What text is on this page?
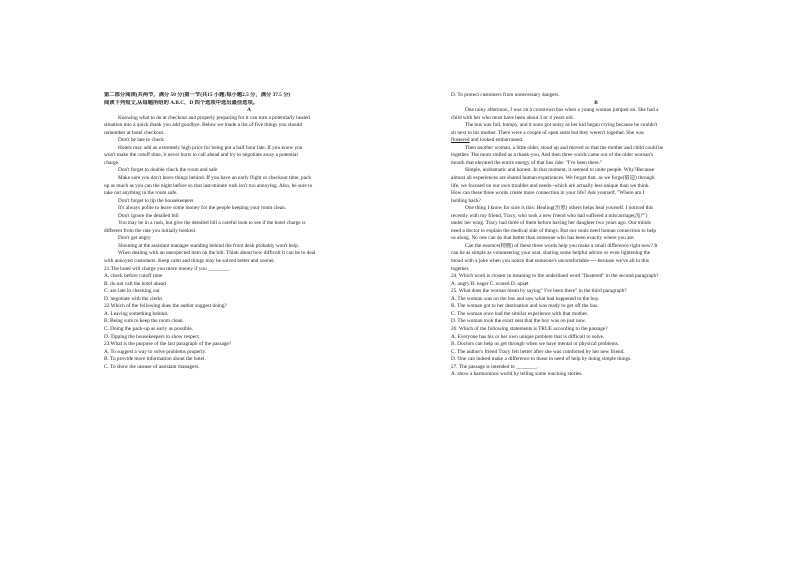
第二部分阅读(共两节，满分 50 分)第一节(共15 小题;每小题2.5 分，满分 37.5 分)
阅读下列短文,从每题所给的 A.B.C、D 四个选项中选出最佳选项。
A
Knowing what to do at checkout and properly preparing for it can turn a potentially heated
situation into a quick thank you add goodbye. Below we made a list of five things you should
remember at hotel checkout.
Don't be late to check
Hotels may add an extremely high price for being put a half hour late. If you know you
won't make the cutoff time, it never hurts to call ahead and try to negotiate away a potential
charge.
Don't forget to double check the room and safe
Make sure you don't leave things behind. If you have an early flight or checkout time, pack
up as much as you can the night before so that last-minute rush isn't too annoying. Also, be sure to
take out anything in the room safe.
Don't forget to tip the housekeepers
It's always polite to leave some money for the people keeping your room clean.
Don't ignore the detailed bill
You may be in a rush, but give the detailed bill a careful look to see if the hotel charge is
different from the rate you initially booked.
Don't get angry
Shouting at the assistant manager standing behind the front desk probably won't help.
When dealing with an unexpected item on the bill. Think about how difficult it can be to deal
with annoyed customers. Keep calm and things may be solved better and sooner.
21.The hotel will charge you more money if you ________.
A. check before cutoff time
B. do not call the hotel ahead
C. are late in checking out
D. negotiate with the clerks
22.Which of the following does the author suggest doing?
A. Leaving something behind.
B. Being sure to keep the room clean.
C. Doing the pack-up as early as possible.
D. Tipping the housekeepers to show respect.
23.What is the purpose of the last paragraph of the passage?
A. To suggest a way to solve problems properly.
B. To provide more information about the hotel.
C. To show the unease of assistant managers.
D. To protect customers from unnecessary dangers.
B
One rainy afternoon, I was on a crosstown bus when a young woman jumped on. She had a
child with her who must have been about 3 or 4 years old.
The bus was full, bumpy, and it soon got noisy as her kid began crying because he couldn't
sit next to his mother. There were a couple of open seats but they weren't together. She was
flustered and looked embarrassed.
Then another woman, a little older, stood up and moved so that the mother and child could be
together. The mom smiled as a thank-you, And then three words came out of the older woman's
mouth that elevated the entire energy of that bus ride: "I've been there."
Simple, undramatic and honest. In that moment, it seemed to unite people. Why?Because
almost all experiences are shared human experiences. We forget that, as we forge(锻造) through
life, we focused on our own troubles and needs--which are actually less unique than we think.
How can these three words create more connection in your life? Ask yourself, "Where am I
holding back?
One thing I know for sure is this: Healing(治愈) others helps heal yourself. I noticed this
recently with my friend, Tracy, who took a new friend who had suffered a miscarriage(流产)
under her wing. Tracy had three of them before having her daughter two years ago. Our minds
need a doctor to explain the medical side of things. But our souls need human connection to help
us along. No one can do that better than someone who has been exactly where you are.
Can the essence(精髓) of these three words help you make a small difference right now? It
can be as simple as volunteering your seat, sharing some helpful advice or even lightening the
mood with a joke when you notice that someone's uncomfortable-----because we've all in this
together.
24. Which word is closest in meaning to the underlined word "flustered" in the second paragraph?
A. angry B. eager C. scared D. upset
25. What does the woman mean by saying" I've been there" in the third paragraph?
A. The woman was on the bus and saw what had happened to the boy.
B. The woman got to her destination and was ready to get off the bus.
C. The woman once had the similar experience with that mother.
D. The woman took the exact seat that the boy was on just now.
26. Which of the following statements is TRUE according to the passage?
A. Everyone has his or her own unique problem that is difficult to solve.
B. Doctors can help us get through when we have mental or physical problems.
C. The author's friend Tracy felt better after she was comforted by her new friend.
D. One can indeed make a difference to those in need of help by doing simple things.
27. The passage is intended to ________.
A. show a harmonious world by telling some touching stories.
